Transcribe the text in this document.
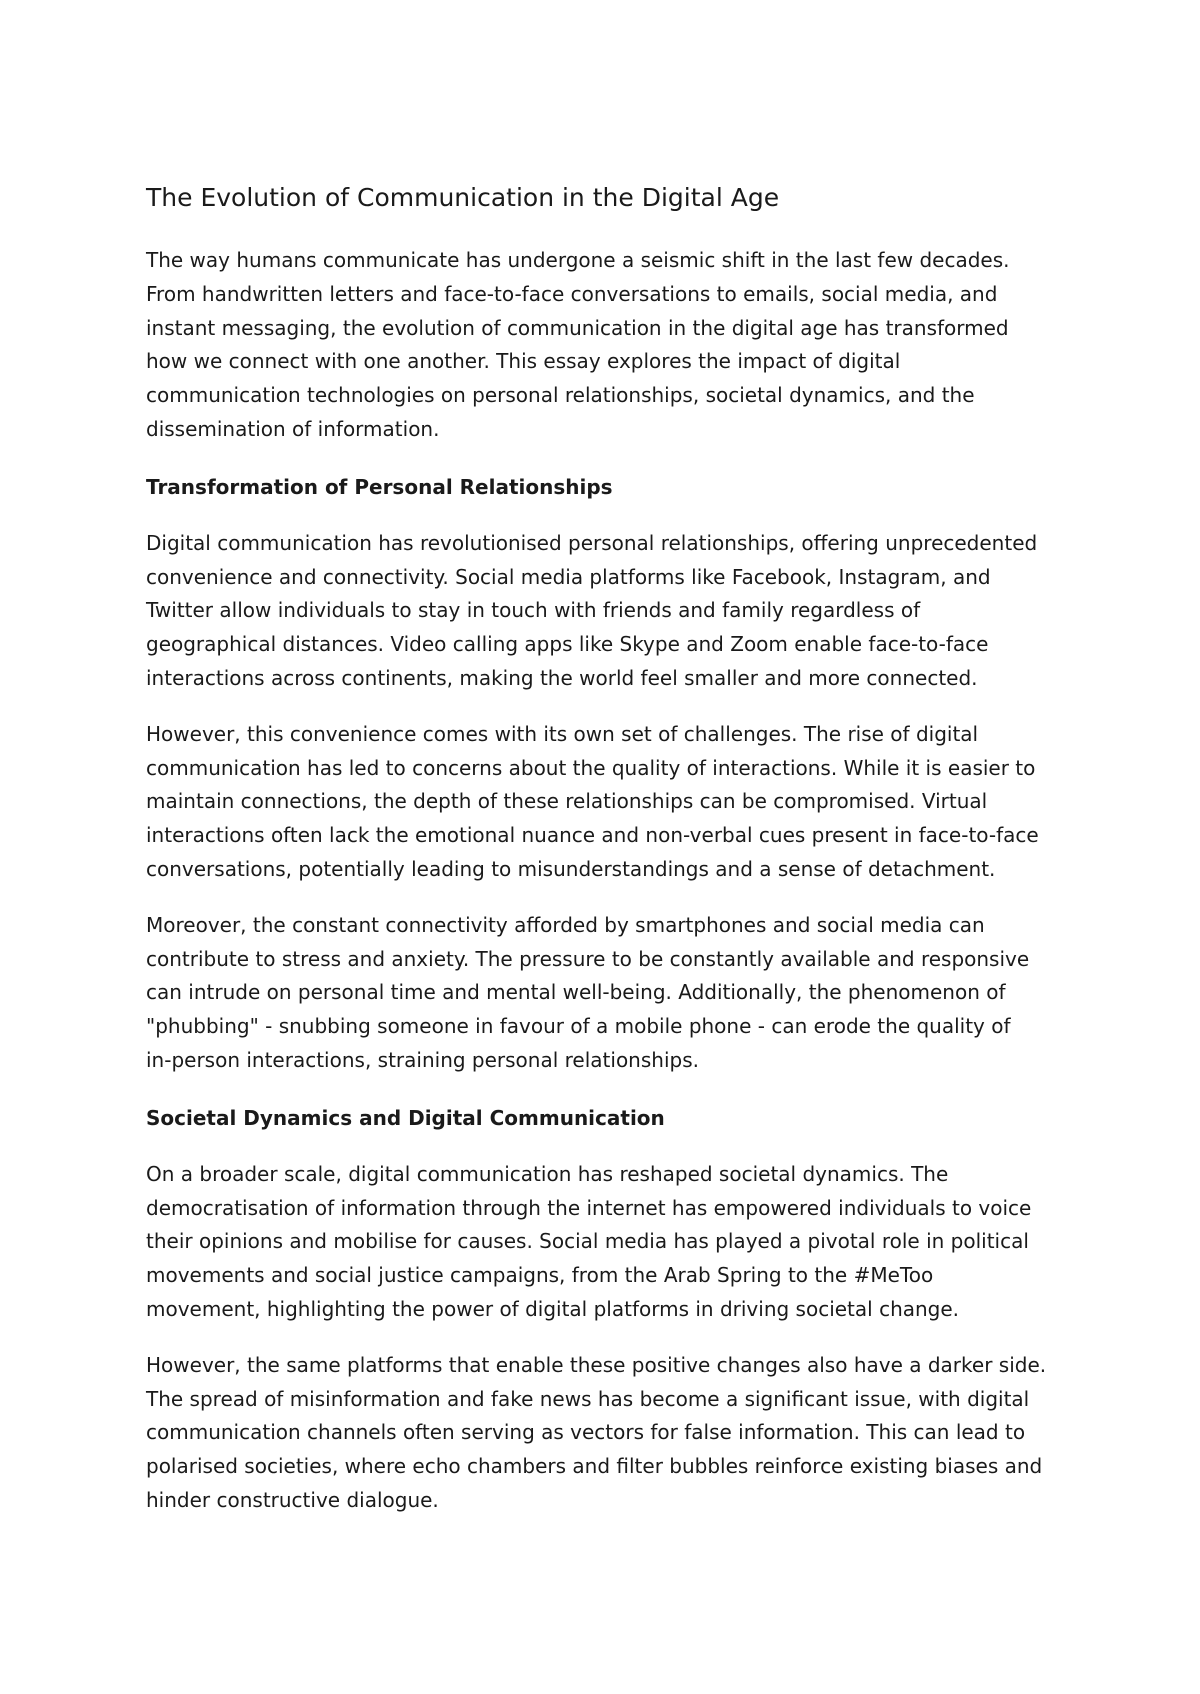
The Evolution of Communication in the Digital Age

The way humans communicate has undergone a seismic shift in the last few decades.
From handwritten letters and face-to-face conversations to emails, social media, and
instant messaging, the evolution of communication in the digital age has transformed
how we connect with one another. This essay explores the impact of digital
communication technologies on personal relationships, societal dynamics, and the
dissemination of information.

Transformation of Personal Relationships

Digital communication has revolutionised personal relationships, offering unprecedented
convenience and connectivity. Social media platforms like Facebook, Instagram, and
Twitter allow individuals to stay in touch with friends and family regardless of
geographical distances. Video calling apps like Skype and Zoom enable face-to-face
interactions across continents, making the world feel smaller and more connected.

However, this convenience comes with its own set of challenges. The rise of digital
communication has led to concerns about the quality of interactions. While it is easier to
maintain connections, the depth of these relationships can be compromised. Virtual
interactions often lack the emotional nuance and non-verbal cues present in face-to-face
conversations, potentially leading to misunderstandings and a sense of detachment.

Moreover, the constant connectivity afforded by smartphones and social media can
contribute to stress and anxiety. The pressure to be constantly available and responsive
can intrude on personal time and mental well-being. Additionally, the phenomenon of
"phubbing" - snubbing someone in favour of a mobile phone - can erode the quality of
in-person interactions, straining personal relationships.

Societal Dynamics and Digital Communication

On a broader scale, digital communication has reshaped societal dynamics. The
democratisation of information through the internet has empowered individuals to voice
their opinions and mobilise for causes. Social media has played a pivotal role in political
movements and social justice campaigns, from the Arab Spring to the #MeToo
movement, highlighting the power of digital platforms in driving societal change.

However, the same platforms that enable these positive changes also have a darker side.
The spread of misinformation and fake news has become a significant issue, with digital
communication channels often serving as vectors for false information. This can lead to
polarised societies, where echo chambers and filter bubbles reinforce existing biases and
hinder constructive dialogue.
